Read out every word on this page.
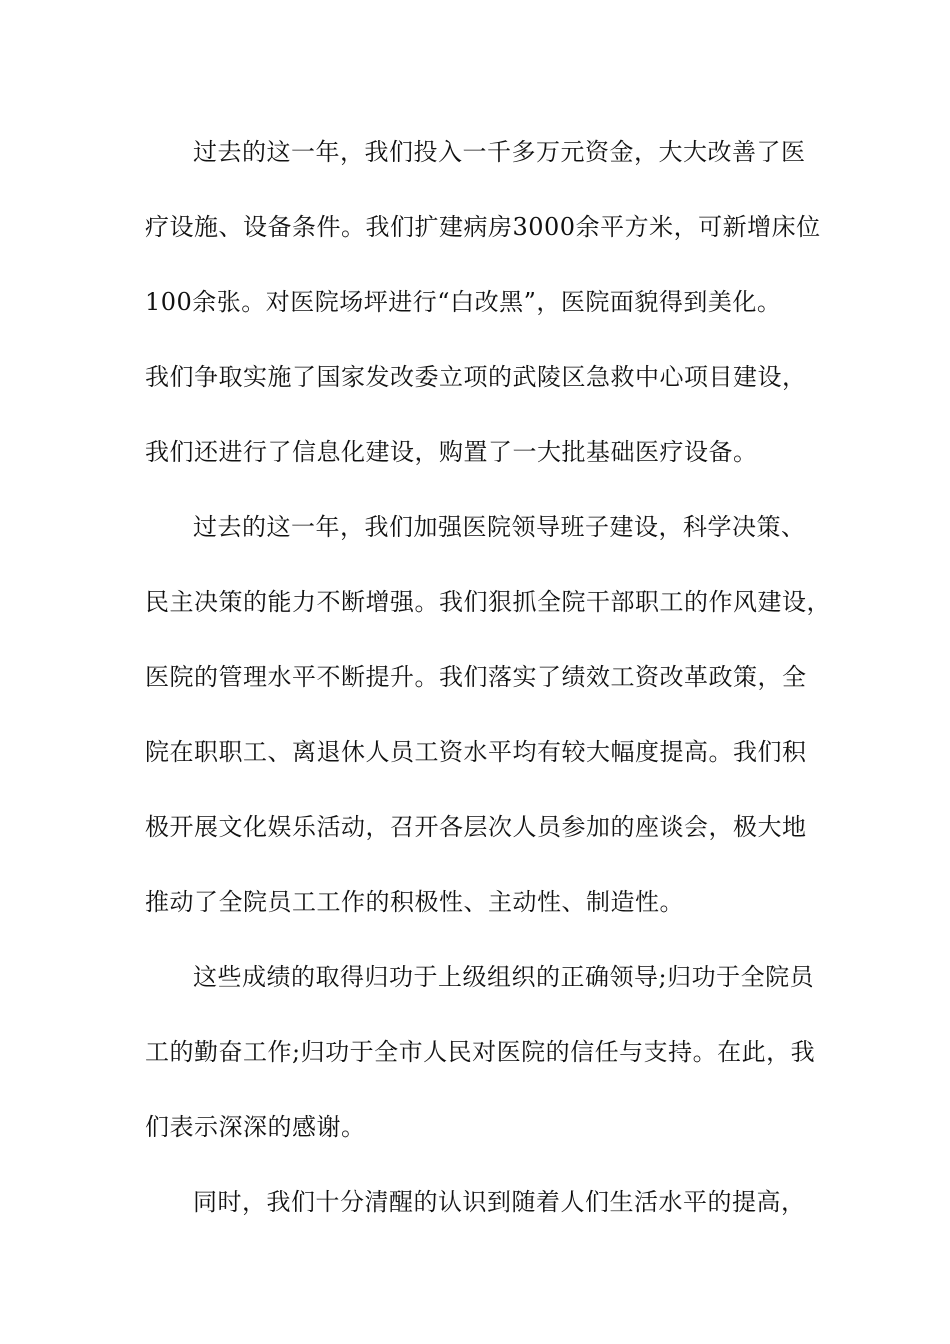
过去的这一年，我们投入一千多万元资金，大大改善了医

疗设施、设备条件。我们扩建病房3000余平方米，可新增床位

100余张。对医院场坪进行“白改黑”，医院面貌得到美化。

我们争取实施了国家发改委立项的武陵区急救中心项目建设，

我们还进行了信息化建设，购置了一大批基础医疗设备。

过去的这一年，我们加强医院领导班子建设，科学决策、

民主决策的能力不断增强。我们狠抓全院干部职工的作风建设，

医院的管理水平不断提升。我们落实了绩效工资改革政策，全

院在职职工、离退休人员工资水平均有较大幅度提高。我们积

极开展文化娱乐活动，召开各层次人员参加的座谈会，极大地

推动了全院员工工作的积极性、主动性、制造性。

这些成绩的取得归功于上级组织的正确领导;归功于全院员

工的勤奋工作;归功于全市人民对医院的信任与支持。在此，我

们表示深深的感谢。

同时，我们十分清醒的认识到随着人们生活水平的提高，
